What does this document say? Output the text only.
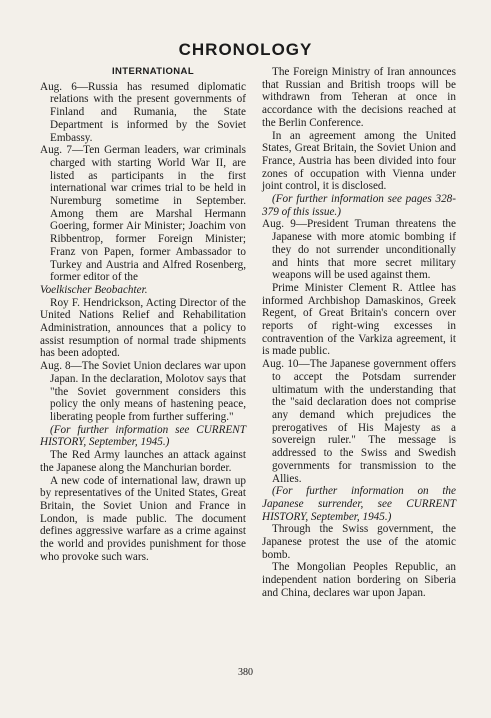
CHRONOLOGY
INTERNATIONAL

Aug. 6—Russia has resumed diplomatic relations with the present governments of Finland and Rumania, the State Department is informed by the Soviet Embassy.

Aug. 7—Ten German leaders, war criminals charged with starting World War II, are listed as participants in the first international war crimes trial to be held in Nuremburg sometime in September. Among them are Marshal Hermann Goering, former Air Minister; Joachim von Ribbentrop, former Foreign Minister; Franz von Papen, former Ambassador to Turkey and Austria and Alfred Rosenberg, former editor of the

Voelkischer Beobachter.

Roy F. Hendrickson, Acting Director of the United Nations Relief and Rehabilitation Administration, announces that a policy to assist resumption of normal trade shipments has been adopted.

Aug. 8—The Soviet Union declares war upon Japan. In the declaration, Molotov says that "the Soviet government considers this policy the only means of hastening peace, liberating people from further suffering."

(For further information see CURRENT HISTORY, September, 1945.)

The Red Army launches an attack against the Japanese along the Manchurian border.

A new code of international law, drawn up by representatives of the United States, Great Britain, the Soviet Union and France in London, is made public. The document defines aggressive warfare as a crime against the world and provides punishment for those who provoke such wars.

The Foreign Ministry of Iran announces that Russian and British troops will be withdrawn from Teheran at once in accordance with the decisions reached at the Berlin Conference.

In an agreement among the United States, Great Britain, the Soviet Union and France, Austria has been divided into four zones of occupation with Vienna under joint control, it is disclosed.

(For further information see pages 328-379 of this issue.)

Aug. 9—President Truman threatens the Japanese with more atomic bombing if they do not surrender unconditionally and hints that more secret military weapons will be used against them.

Prime Minister Clement R. Attlee has informed Archbishop Damaskinos, Greek Regent, of Great Britain's concern over reports of right-wing excesses in contravention of the Varkiza agreement, it is made public.

Aug. 10—The Japanese government offers to accept the Potsdam surrender ultimatum with the understanding that the "said declaration does not comprise any demand which prejudices the prerogatives of His Majesty as a sovereign ruler." The message is addressed to the Swiss and Swedish governments for transmission to the Allies.

(For further information on the Japanese surrender, see CURRENT HISTORY, September, 1945.)

Through the Swiss government, the Japanese protest the use of the atomic bomb.

The Mongolian Peoples Republic, an independent nation bordering on Siberia and China, declares war upon Japan.

380
